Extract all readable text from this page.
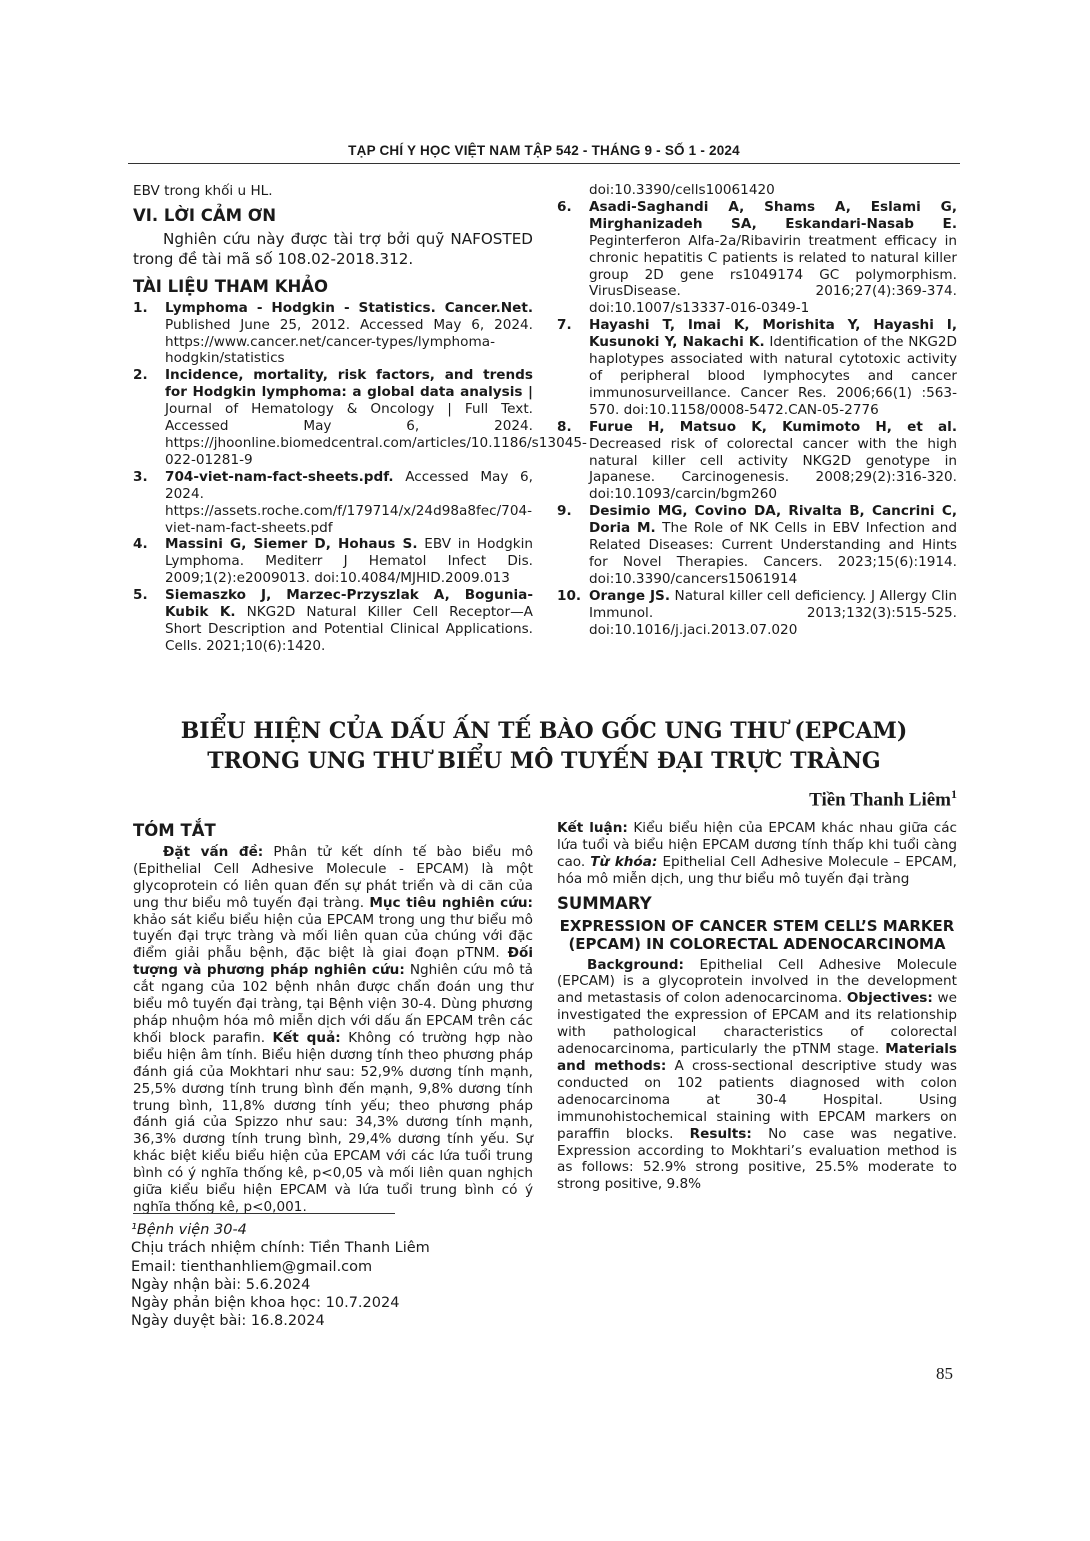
TẠP CHÍ Y HỌC VIỆT NAM TẬP 542 - THÁNG 9 - SỐ 1 - 2024

EBV trong khối u HL.

VI. LỜI CẢM ƠN

Nghiên cứu này được tài trợ bởi quỹ NAFOSTED trong đề tài mã số 108.02-2018.312.

TÀI LIỆU THAM KHẢO
1. Lymphoma - Hodgkin - Statistics. Cancer.Net. Published June 25, 2012. Accessed May 6, 2024. https://www.cancer.net/cancer-types/lymphoma-hodgkin/statistics
2. Incidence, mortality, risk factors, and trends for Hodgkin lymphoma: a global data analysis | Journal of Hematology & Oncology | Full Text. Accessed May 6, 2024. https://jhoonline.biomedcentral.com/articles/10.1186/s13045-022-01281-9
3. 704-viet-nam-fact-sheets.pdf. Accessed May 6, 2024. https://assets.roche.com/f/179714/x/24d98a8fec/704-viet-nam-fact-sheets.pdf
4. Massini G, Siemer D, Hohaus S. EBV in Hodgkin Lymphoma. Mediterr J Hematol Infect Dis. 2009;1(2):e2009013. doi:10.4084/MJHID.2009.013
5. Siemaszko J, Marzec-Przyszlak A, Bogunia-Kubik K. NKG2D Natural Killer Cell Receptor—A Short Description and Potential Clinical Applications. Cells. 2021;10(6):1420.

doi:10.3390/cells10061420

6. Asadi-Saghandi A, Shams A, Eslami G, Mirghanizadeh SA, Eskandari-Nasab E. Peginterferon Alfa-2a/Ribavirin treatment efficacy in chronic hepatitis C patients is related to natural killer group 2D gene rs1049174 GC polymorphism. VirusDisease. 2016;27(4):369-374. doi:10.1007/s13337-016-0349-1
7. Hayashi T, Imai K, Morishita Y, Hayashi I, Kusunoki Y, Nakachi K. Identification of the NKG2D haplotypes associated with natural cytotoxic activity of peripheral blood lymphocytes and cancer immunosurveillance. Cancer Res. 2006;66(1) :563-570. doi:10.1158/0008-5472.CAN-05-2776
8. Furue H, Matsuo K, Kumimoto H, et al. Decreased risk of colorectal cancer with the high natural killer cell activity NKG2D genotype in Japanese. Carcinogenesis. 2008;29(2):316-320. doi:10.1093/carcin/bgm260
9. Desimio MG, Covino DA, Rivalta B, Cancrini C, Doria M. The Role of NK Cells in EBV Infection and Related Diseases: Current Understanding and Hints for Novel Therapies. Cancers. 2023;15(6):1914. doi:10.3390/cancers15061914
10. Orange JS. Natural killer cell deficiency. J Allergy Clin Immunol. 2013;132(3):515-525. doi:10.1016/j.jaci.2013.07.020
BIỂU HIỆN CỦA DẤU ẤN TẾ BÀO GỐC UNG THƯ (EPCAM)
TRONG UNG THƯ BIỂU MÔ TUYẾN ĐẠI TRỰC TRÀNG
Tiền Thanh Liêm$^1$
TÓM TẮT

Đặt vấn đề: Phân tử kết dính tế bào biểu mô (Epithelial Cell Adhesive Molecule - EPCAM) là một glycoprotein có liên quan đến sự phát triển và di căn của ung thư biểu mô tuyến đại tràng. Mục tiêu nghiên cứu: khảo sát kiểu biểu hiện của EPCAM trong ung thư biểu mô tuyến đại trực tràng và mối liên quan của chúng với đặc điểm giải phẫu bệnh, đặc biệt là giai đoạn pTNM. Đối tượng và phương pháp nghiên cứu: Nghiên cứu mô tả cắt ngang của 102 bệnh nhân được chẩn đoán ung thư biểu mô tuyến đại tràng, tại Bệnh viện 30-4. Dùng phương pháp nhuộm hóa mô miễn dịch với dấu ấn EPCAM trên các khối block parafin. Kết quả: Không có trường hợp nào biểu hiện âm tính. Biểu hiện dương tính theo phương pháp đánh giá của Mokhtari như sau: 52,9% dương tính mạnh, 25,5% dương tính trung bình đến mạnh, 9,8% dương tính trung bình, 11,8% dương tính yếu; theo phương pháp đánh giá của Spizzo như sau: 34,3% dương tính mạnh, 36,3% dương tính trung bình, 29,4% dương tính yếu. Sự khác biệt kiểu biểu hiện của EPCAM với các lứa tuổi trung bình có ý nghĩa thống kê, p<0,05 và mối liên quan nghịch giữa kiểu biểu hiện EPCAM và lứa tuổi trung bình có ý nghĩa thống kê, p<0,001.

Kết luận: Kiểu biểu hiện của EPCAM khác nhau giữa các lứa tuổi và biểu hiện EPCAM dương tính thấp khi tuổi càng cao. Từ khóa: Epithelial Cell Adhesive Molecule – EPCAM, hóa mô miễn dịch, ung thư biểu mô tuyến đại tràng

SUMMARY
EXPRESSION OF CANCER STEM CELL’S MARKER (EPCAM) IN COLORECTAL ADENOCARCINOMA

Background: Epithelial Cell Adhesive Molecule (EPCAM) is a glycoprotein involved in the development and metastasis of colon adenocarcinoma. Objectives: we investigated the expression of EPCAM and its relationship with pathological characteristics of colorectal adenocarcinoma, particularly the pTNM stage. Materials and methods: A cross-sectional descriptive study was conducted on 102 patients diagnosed with colon adenocarcinoma at 30-4 Hospital. Using immunohistochemical staining with EPCAM markers on paraffin blocks. Results: No case was negative. Expression according to Mokhtari’s evaluation method is as follows: 52.9% strong positive, 25.5% moderate to strong positive, 9.8%

¹Bệnh viện 30-4
Chịu trách nhiệm chính: Tiền Thanh Liêm
Email: tienthanhliem@gmail.com
Ngày nhận bài: 5.6.2024
Ngày phản biện khoa học: 10.7.2024
Ngày duyệt bài: 16.8.2024
85
